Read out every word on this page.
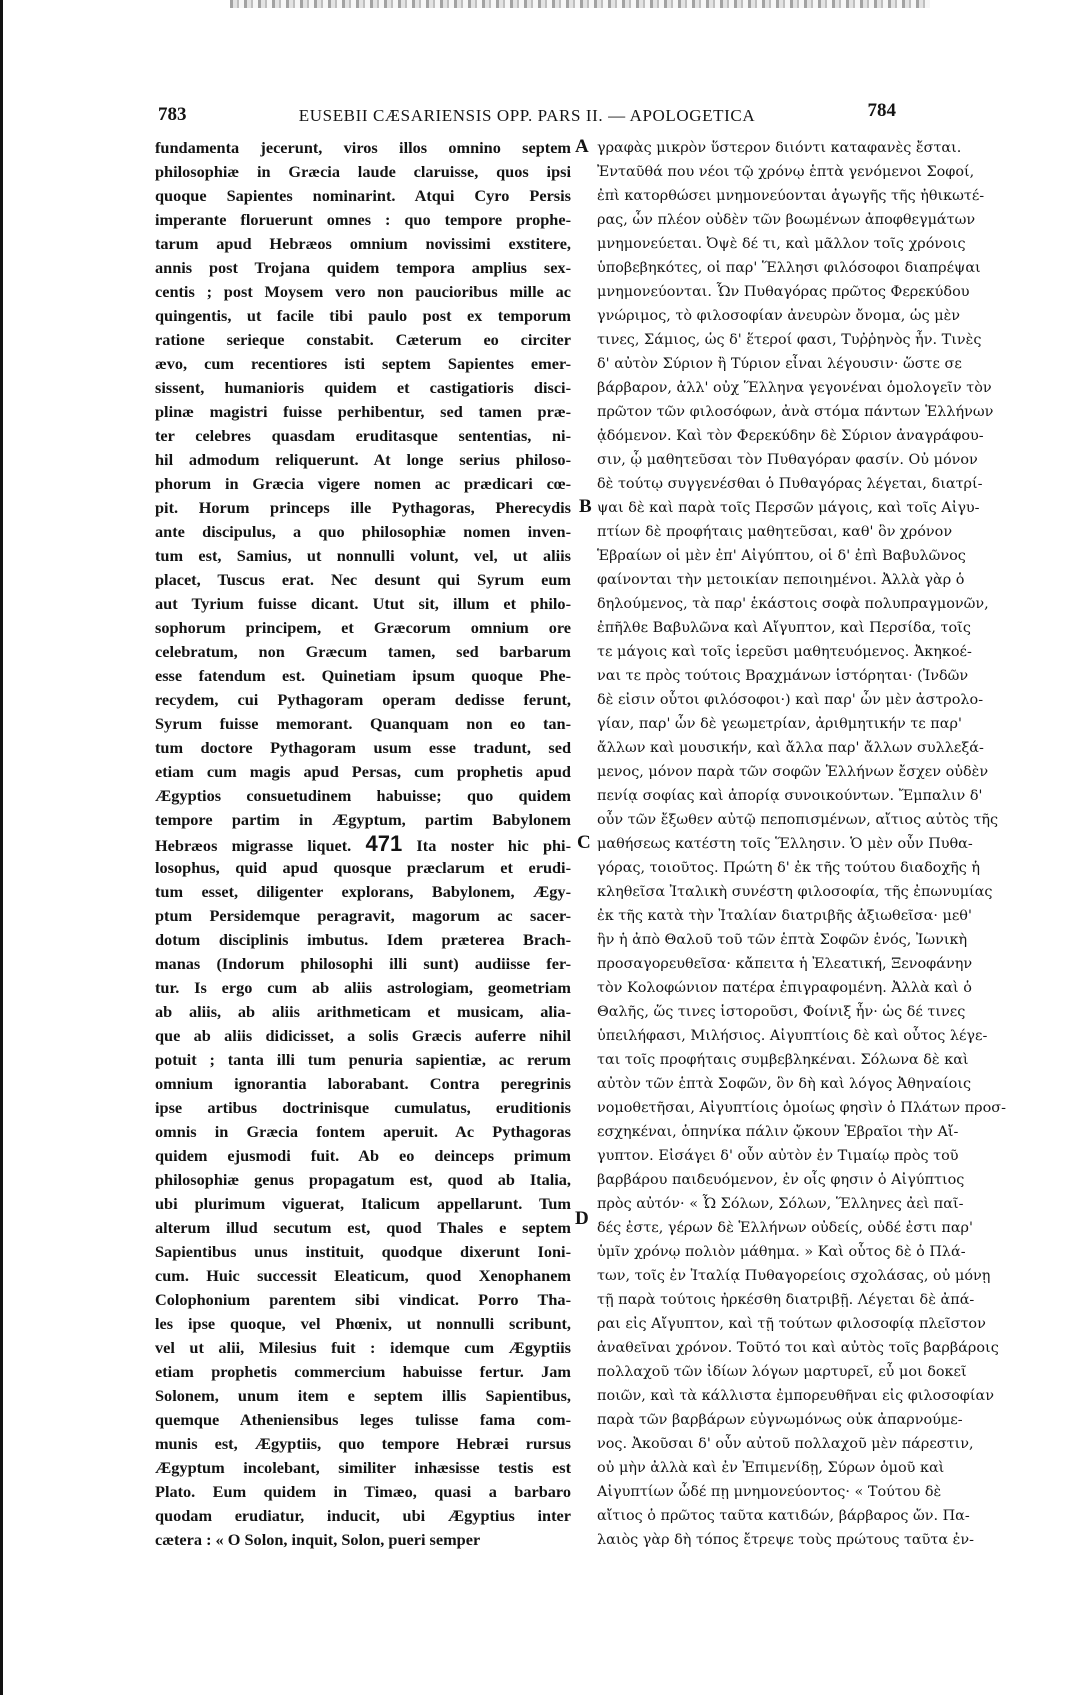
783	EUSEBII CÆSARIENSIS OPP. PARS II. — APOLOGETICA	784
fundamenta jecerunt, viros illos omnino septem
philosophiæ in Græcia laude claruisse, quos ipsi
quoque Sapientes nominarint. Atqui Cyro Persis
imperante floruerunt omnes : quo tempore prophe-
tarum apud Hebræos omnium novissimi exstitere,
annis post Trojana quidem tempora amplius sex-
centis ; post Moysem vero non paucioribus mille ac
quingentis, ut facile tibi paulo post ex temporum
ratione serieque constabit. Cæterum eo circiter
ævo, cum recentiores isti septem Sapientes emer-
sissent, humanioris quidem et castigatioris disci-
plinæ magistri fuisse perhibentur, sed tamen præ-
ter celebres quasdam eruditasque sententias, ni-
hil admodum reliquerunt. At longe serius philoso-
phorum in Græcia vigere nomen ac prædicari cœ-
pit. Horum princeps ille Pythagoras, Pherecydis
ante discipulus, a quo philosophiæ nomen inven-
tum est, Samius, ut nonnulli volunt, vel, ut aliis
placet, Tuscus erat. Nec desunt qui Syrum eum
aut Tyrium fuisse dicant. Utut sit, illum et philo-
sophorum principem, et Græcorum omnium ore
celebratum, non Græcum tamen, sed barbarum
esse fatendum est. Quinetiam ipsum quoque Phe-
recydem, cui Pythagoram operam dedisse ferunt,
Syrum fuisse memorant. Quanquam non eo tan-
tum doctore Pythagoram usum esse tradunt, sed
etiam cum magis apud Persas, cum prophetis apud
Ægyptios consuetudinem habuisse; quo quidem
tempore partim in Ægyptum, partim Babylonem
Hebræos migrasse liquet. 471 Ita noster hic phi-
losophus, quid apud quosque præclarum et erudi-
tum esset, diligenter explorans, Babylonem, Ægy-
ptum Persidemque peragravit, magorum ac sacer-
dotum disciplinis imbutus. Idem præterea Brach-
manas (Indorum philosophi illi sunt) audiisse fer-
tur. Is ergo cum ab aliis astrologiam, geometriam
ab aliis, ab aliis arithmeticam et musicam, alia-
que ab aliis didicisset, a solis Græcis auferre nihil
potuit ; tanta illi tum penuria sapientiæ, ac rerum
omnium ignorantia laborabant. Contra peregrinis
ipse artibus doctrinisque cumulatus, eruditionis
omnis in Græcia fontem aperuit. Ac Pythagoras
quidem ejusmodi fuit. Ab eo deinceps primum
philosophiæ genus propagatum est, quod ab Italia,
ubi plurimum viguerat, Italicum appellarunt. Tum
alterum illud secutum est, quod Thales e septem
Sapientibus unus instituit, quodque dixerunt Ioni-
cum. Huic successit Eleaticum, quod Xenophanem
Colophonium parentem sibi vindicat. Porro Tha-
les ipse quoque, vel Phœnix, ut nonnulli scribunt,
vel ut alii, Milesius fuit : idemque cum Ægyptiis
etiam prophetis commercium habuisse fertur. Jam
Solonem, unum item e septem illis Sapientibus,
quemque Atheniensibus leges tulisse fama com-
munis est, Ægyptiis, quo tempore Hebræi rursus
Ægyptum incolebant, similiter inhæsisse testis est
Plato. Eum quidem in Timæo, quasi a barbaro
quodam erudiatur, inducit, ubi Ægyptius inter
cætera : « O Solon, inquit, Solon, pueri semper
γραφὰς μικρὸν ὕστερον διιόντι καταφανὲς ἔσται.
Ἐνταῦθά που νέοι τῷ χρόνῳ ἑπτὰ γενόμενοι Σοφοί,
ἐπὶ κατορθώσει μνημονεύονται ἀγωγῆς τῆς ἠθικωτέ-
ρας, ὧν πλέον οὐδὲν τῶν βοωμένων ἀποφθεγμάτων
μνημονεύεται. Ὀψὲ δέ τι, καὶ μᾶλλον τοῖς χρόνοις
ὑποβεβηκότες, οἱ παρ' Ἕλλησι φιλόσοφοι διαπρέψαι
μνημονεύονται. Ὧν Πυθαγόρας πρῶτος Φερεκύδου
γνώριμος, τὸ φιλοσοφίαν ἀνευρὼν ὄνομα, ὡς μὲν
τινες, Σάμιος, ὡς δ' ἕτεροί φασι, Τυῤῥηνὸς ἦν. Τινὲς
δ' αὐτὸν Σύριον ἢ Τύριον εἶναι λέγουσιν· ὥστε σε
βάρβαρον, ἀλλ' οὐχ Ἕλληνα γεγονέναι ὁμολογεῖν τὸν
πρῶτον τῶν φιλοσόφων, ἀνὰ στόμα πάντων Ἑλλήνων
ᾀδόμενον. Καὶ τὸν Φερεκύδην δὲ Σύριον ἀναγράφου-
σιν, ᾧ μαθητεῦσαι τὸν Πυθαγόραν φασίν. Οὐ μόνον
δὲ τούτῳ συγγενέσθαι ὁ Πυθαγόρας λέγεται, διατρί-
ψαι δὲ καὶ παρὰ τοῖς Περσῶν μάγοις, καὶ τοῖς Αἰγυ-
πτίων δὲ προφήταις μαθητεῦσαι, καθ' ὃν χρόνον
Ἑβραίων οἱ μὲν ἐπ' Αἰγύπτου, οἱ δ' ἐπὶ Βαβυλῶνος
φαίνονται τὴν μετοικίαν πεποιημένοι. Ἀλλὰ γὰρ ὁ
δηλούμενος, τὰ παρ' ἑκάστοις σοφὰ πολυπραγμονῶν,
ἐπῆλθε Βαβυλῶνα καὶ Αἴγυπτον, καὶ Περσίδα, τοῖς
τε μάγοις καὶ τοῖς ἱερεῦσι μαθητευόμενος. Ἀκηκοέ-
ναι τε πρὸς τούτοις Βραχμάνων ἱστόρηται· (Ἰνδῶν
δὲ εἰσιν οὗτοι φιλόσοφοι·) καὶ παρ' ὧν μὲν ἀστρολο-
γίαν, παρ' ὧν δὲ γεωμετρίαν, ἀριθμητικήν τε παρ'
ἄλλων καὶ μουσικήν, καὶ ἄλλα παρ' ἄλλων συλλεξά-
μενος, μόνον παρὰ τῶν σοφῶν Ἑλλήνων ἔσχεν οὐδὲν
πενίᾳ σοφίας καὶ ἀπορίᾳ συνοικούντων. Ἔμπαλιν δ'
οὖν τῶν ἔξωθεν αὐτῷ πεποπισμένων, αἴτιος αὐτὸς τῆς
μαθήσεως κατέστη τοῖς Ἕλλησιν. Ὁ μὲν οὖν Πυθα-
γόρας, τοιοῦτος. Πρώτη δ' ἐκ τῆς τούτου διαδοχῆς ἡ
κληθεῖσα Ἰταλικὴ συνέστη φιλοσοφία, τῆς ἐπωνυμίας
ἐκ τῆς κατὰ τὴν Ἰταλίαν διατριβῆς ἀξιωθεῖσα· μεθ'
ἣν ἡ ἀπὸ Θαλοῦ τοῦ τῶν ἑπτὰ Σοφῶν ἑνός, Ἰωνικὴ
προσαγορευθεῖσα· κἄπειτα ἡ Ἐλεατική, Ξενοφάνην
τὸν Κολοφώνιον πατέρα ἐπιγραφομένη. Ἀλλὰ καὶ ὁ
Θαλῆς, ὥς τινες ἱστοροῦσι, Φοίνιξ ἦν· ὡς δέ τινες
ὑπειλήφασι, Μιλήσιος. Αἰγυπτίοις δὲ καὶ οὗτος λέγε-
ται τοῖς προφήταις συμβεβληκέναι. Σόλωνα δὲ καὶ
αὐτὸν τῶν ἑπτὰ Σοφῶν, ὃν δὴ καὶ λόγος Ἀθηναίοις
νομοθετῆσαι, Αἰγυπτίοις ὁμοίως φησὶν ὁ Πλάτων προσ-
εσχηκέναι, ὁπηνίκα πάλιν ᾤκουν Ἑβραῖοι τὴν Αἴ-
γυπτον. Εἰσάγει δ' οὖν αὐτὸν ἐν Τιμαίῳ πρὸς τοῦ
βαρβάρου παιδευόμενον, ἐν οἷς φησιν ὁ Αἰγύπτιος
πρὸς αὐτόν· « Ὦ Σόλων, Σόλων, Ἕλληνες ἀεὶ παῖ-
δές ἐστε, γέρων δὲ Ἑλλήνων οὐδείς, οὐδέ ἐστι παρ'
ὑμῖν χρόνῳ πολιὸν μάθημα. » Καὶ οὗτος δὲ ὁ Πλά-
των, τοῖς ἐν Ἰταλίᾳ Πυθαγορείοις σχολάσας, οὐ μόνῃ
τῇ παρὰ τούτοις ἠρκέσθη διατριβῇ. Λέγεται δὲ ἀπά-
ραι εἰς Αἴγυπτον, καὶ τῇ τούτων φιλοσοφίᾳ πλεῖστον
ἀναθεῖναι χρόνον. Τοῦτό τοι καὶ αὐτὸς τοῖς βαρβάροις
πολλαχοῦ τῶν ἰδίων λόγων μαρτυρεῖ, εὖ μοι δοκεῖ
ποιῶν, καὶ τὰ κάλλιστα ἐμπορευθῆναι εἰς φιλοσοφίαν
παρὰ τῶν βαρβάρων εὐγνωμόνως οὐκ ἀπαρνούμε-
νος. Ἀκοῦσαι δ' οὖν αὐτοῦ πολλαχοῦ μὲν πάρεστιν,
οὐ μὴν ἀλλὰ καὶ ἐν Ἐπιμενίδῃ, Σύρων ὁμοῦ καὶ
Αἰγυπτίων ὧδέ πῃ μνημονεύοντος· « Τούτου δὲ
αἴτιος ὁ πρῶτος ταῦτα κατιδών, βάρβαρος ὤν. Πα-
λαιὸς γὰρ δὴ τόπος ἔτρεψε τοὺς πρώτους ταῦτα ἐν-
A
B
C
D
